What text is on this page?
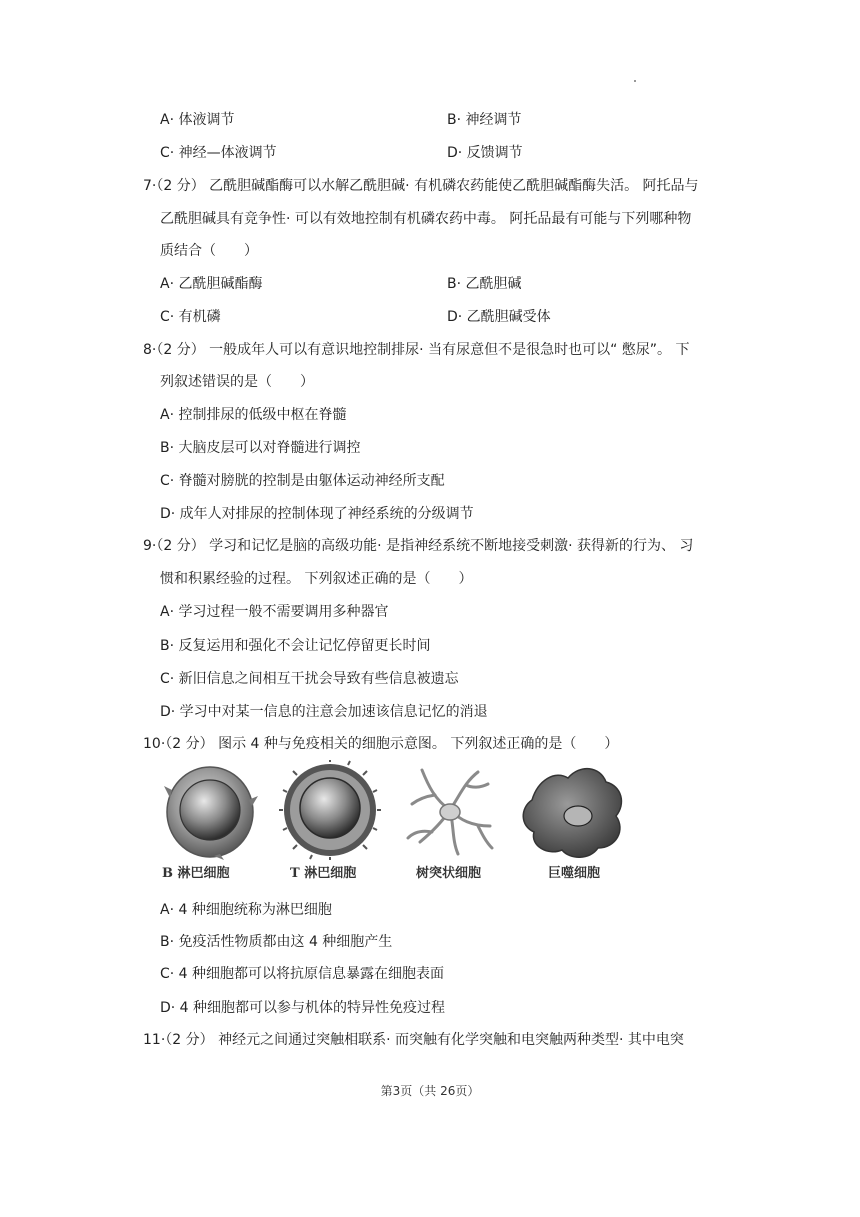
A· 体液调节	B· 神经调节
C· 神经—体液调节	D· 反馈调节
7·（2 分） 乙酰胆碱酯酶可以水解乙酰胆碱· 有机磷农药能使乙酰胆碱酯酶失活。 阿托品与
乙酰胆碱具有竞争性· 可以有效地控制有机磷农药中毒。 阿托品最有可能与下列哪种物
质结合（　　）
A· 乙酰胆碱酯酶	B· 乙酰胆碱
C· 有机磷	D· 乙酰胆碱受体
8·（2 分） 一般成年人可以有意识地控制排尿· 当有尿意但不是很急时也可以“ 憋尿”。 下
列叙述错误的是（　　）
A· 控制排尿的低级中枢在脊髓
B· 大脑皮层可以对脊髓进行调控
C· 脊髓对膀胱的控制是由躯体运动神经所支配
D· 成年人对排尿的控制体现了神经系统的分级调节
9·（2 分） 学习和记忆是脑的高级功能· 是指神经系统不断地接受刺激· 获得新的行为、 习
惯和积累经验的过程。 下列叙述正确的是（　　）
A· 学习过程一般不需要调用多种器官
B· 反复运用和强化不会让记忆停留更长时间
C· 新旧信息之间相互干扰会导致有些信息被遗忘
D· 学习中对某一信息的注意会加速该信息记忆的消退
10·（2 分） 图示 4 种与免疫相关的细胞示意图。 下列叙述正确的是（　　）
B 淋巴细胞	T 淋巴细胞	树突状细胞	巨噬细胞
A· 4 种细胞统称为淋巴细胞
B· 免疫活性物质都由这 4 种细胞产生
C· 4 种细胞都可以将抗原信息暴露在细胞表面
D· 4 种细胞都可以参与机体的特异性免疫过程
11·（2 分） 神经元之间通过突触相联系· 而突触有化学突触和电突触两种类型· 其中电突
第3页（共 26页）
